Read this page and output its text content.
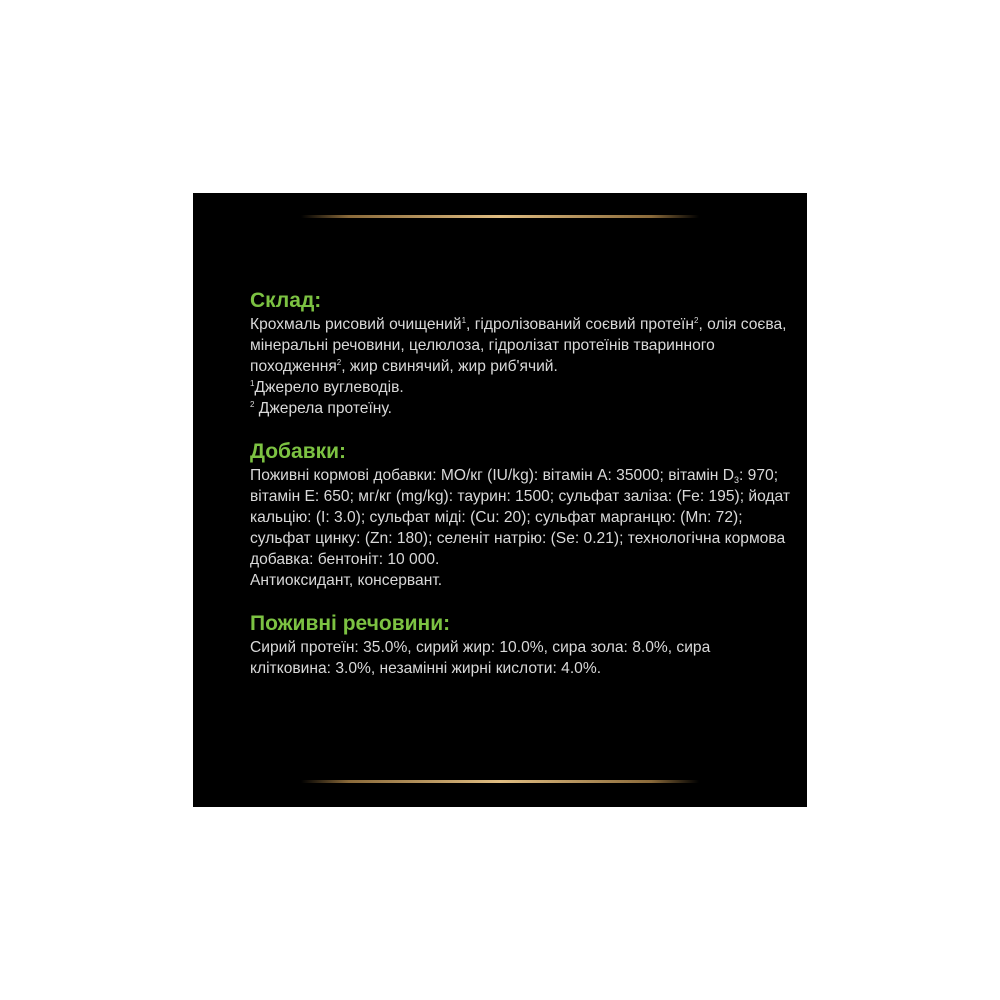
Склад:

Крохмаль рисовий очищений$^1$, гідролізований соєвий протеїн$^2$, олія соєва, мінеральні речовини, целюлоза, гідролізат протеїнів тваринного походження$^2$, жир свинячий, жир риб'ячий.

$^1$Джерело вуглеводів.

$^2$ Джерела протеїну.

Добавки:

Поживні кормові добавки: МО/кг (IU/kg): вітамін А: 35000; вітамін $D_3$: 970; вітамін Е: 650; мг/кг (mg/kg): таурин: 1500; сульфат заліза: (Fe: 195); йодат кальцію: (I: 3.0); сульфат міді: (Cu: 20); сульфат марганцю: (Mn: 72); сульфат цинку: (Zn: 180); селеніт натрію: (Se: 0.21); технологічна кормова добавка: бентоніт: 10 000.

Антиоксидант, консервант.

Поживні речовини:

Сирий протеїн: 35.0%, сирий жир: 10.0%, сира зола: 8.0%, сира клітковина: 3.0%, незамінні жирні кислоти: 4.0%.
